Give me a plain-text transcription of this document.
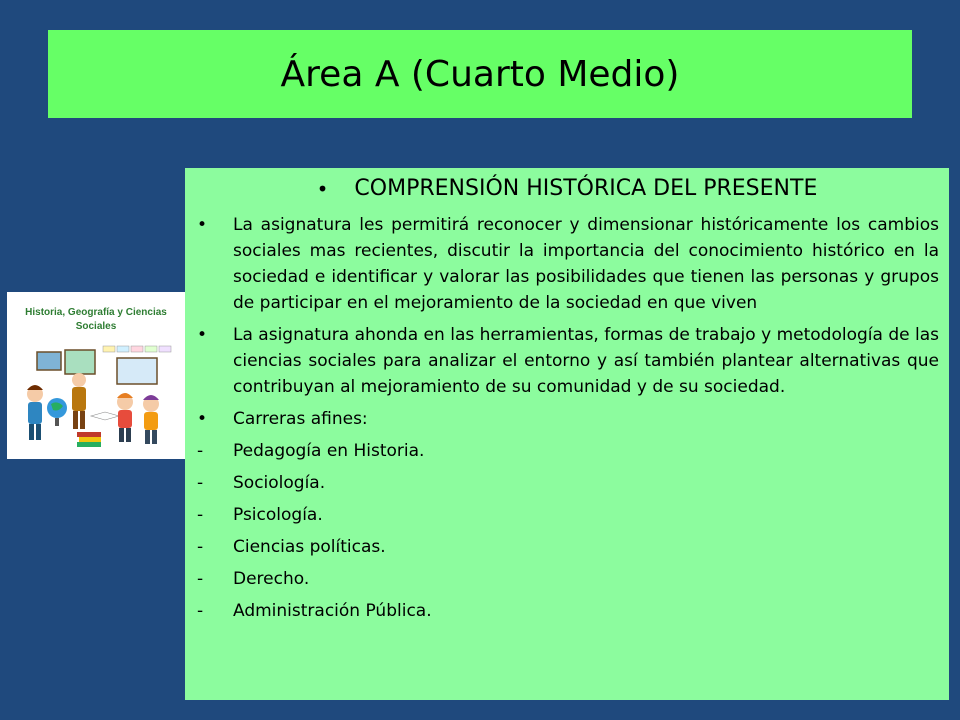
Área A (Cuarto Medio)
Historia, Geografía y Ciencias Sociales
• COMPRENSIÓN HISTÓRICA DEL PRESENTE
•	La asignatura les permitirá reconocer y dimensionar históricamente los cambios sociales mas recientes, discutir la importancia del conocimiento histórico en la sociedad e identificar y valorar las posibilidades que tienen las personas y grupos de participar en el mejoramiento de la sociedad en que viven
•	La asignatura ahonda en las herramientas, formas de trabajo y metodología de las ciencias sociales para analizar el entorno y así también plantear alternativas que contribuyan al mejoramiento de su comunidad y de su sociedad.
•	Carreras afines:
-	Pedagogía en Historia.
-	Sociología.
-	Psicología.
-	Ciencias políticas.
-	Derecho.
-	Administración Pública.
